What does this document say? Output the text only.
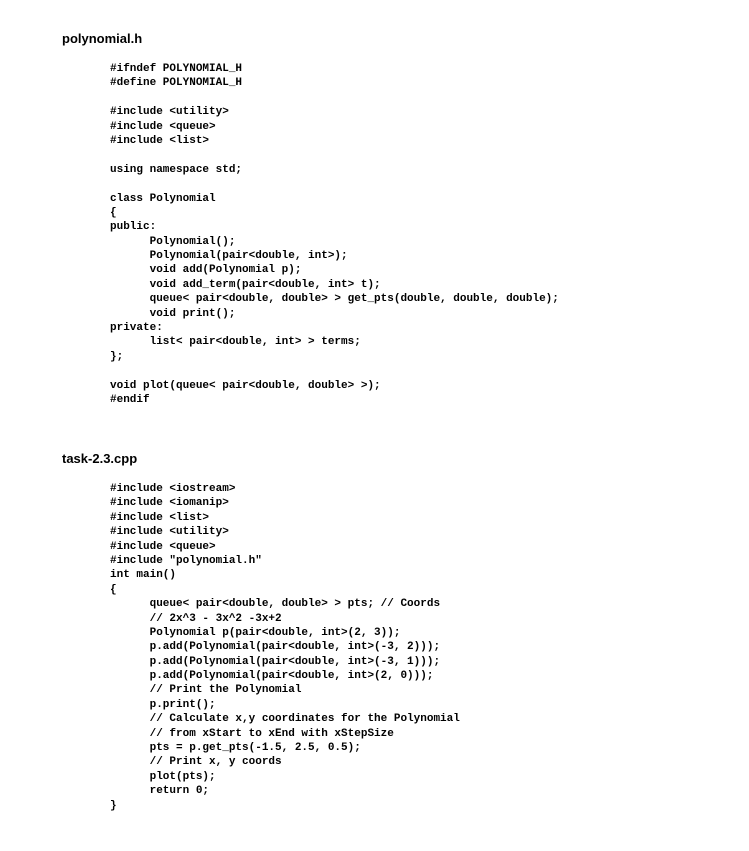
polynomial.h
#ifndef POLYNOMIAL_H
#define POLYNOMIAL_H
#include <utility>
#include <queue>
#include <list>
using namespace std;
class Polynomial
{
public:
Polynomial();
Polynomial(pair<double, int>);
void add(Polynomial p);
void add_term(pair<double, int> t);
queue< pair<double, double> > get_pts(double, double, double);
void print();
private:
list< pair<double, int> > terms;
};
void plot(queue< pair<double, double> >);
#endif
task-2.3.cpp
#include <iostream>
#include <iomanip>
#include <list>
#include <utility>
#include <queue>
#include "polynomial.h"
int main()
{
queue< pair<double, double> > pts; // Coords
// 2x^3 - 3x^2 -3x+2
Polynomial p(pair<double, int>(2, 3));
p.add(Polynomial(pair<double, int>(-3, 2)));
p.add(Polynomial(pair<double, int>(-3, 1)));
p.add(Polynomial(pair<double, int>(2, 0)));
// Print the Polynomial
p.print();
// Calculate x,y coordinates for the Polynomial
// from xStart to xEnd with xStepSize
pts = p.get_pts(-1.5, 2.5, 0.5);
// Print x, y coords
plot(pts);
return 0;
}
